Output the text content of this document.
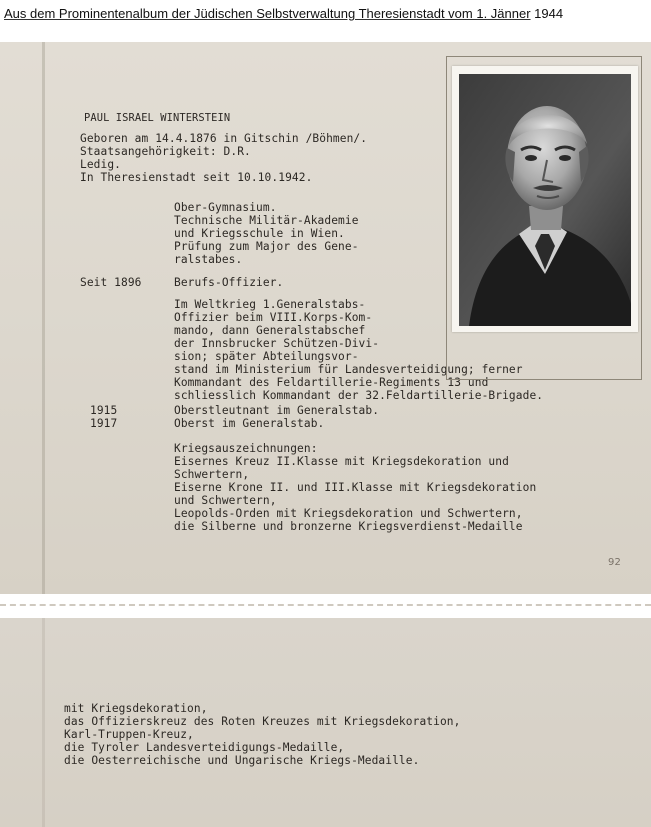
Aus dem Prominentenalbum der Jüdischen Selbstverwaltung Theresienstadt vom 1. Jänner 1944
PAUL ISRAEL WINTERSTEIN
Geboren am 14.4.1876 in Gitschin /Böhmen/.
Staatsangehörigkeit: D.R.
Ledig.
In Theresienstadt seit 10.10.1942.
Ober-Gymnasium.
Technische Militär-Akademie
und Kriegsschule in Wien.
Prüfung zum Major des Gene-
ralstabes.
Seit 1896	Berufs-Offizier.
Im Weltkrieg 1.Generalstabs-
Offizier beim VIII.Korps-Kom-
mando, dann Generalstabschef
der Innsbrucker Schützen-Divi-
sion; später Abteilungsvor-
stand im Ministerium für Landesverteidigung; ferner
Kommandant des Feldartillerie-Regiments 13 und
schliesslich Kommandant der 32.Feldartillerie-Brigade.
1915	Oberstleutnant im Generalstab.
1917	Oberst im Generalstab.
Kriegsauszeichnungen:
Eisernes Kreuz II.Klasse mit Kriegsdekoration und
Schwertern,
Eiserne Krone II. und III.Klasse mit Kriegsdekoration
und Schwertern,
Leopolds-Orden mit Kriegsdekoration und Schwertern,
die Silberne und bronzerne Kriegsverdienst-Medaille
92
mit Kriegsdekoration,
das Offizierskreuz des Roten Kreuzes mit Kriegsdekoration,
Karl-Truppen-Kreuz,
die Tyroler Landesverteidigungs-Medaille,
die Oesterreichische und Ungarische Kriegs-Medaille.
